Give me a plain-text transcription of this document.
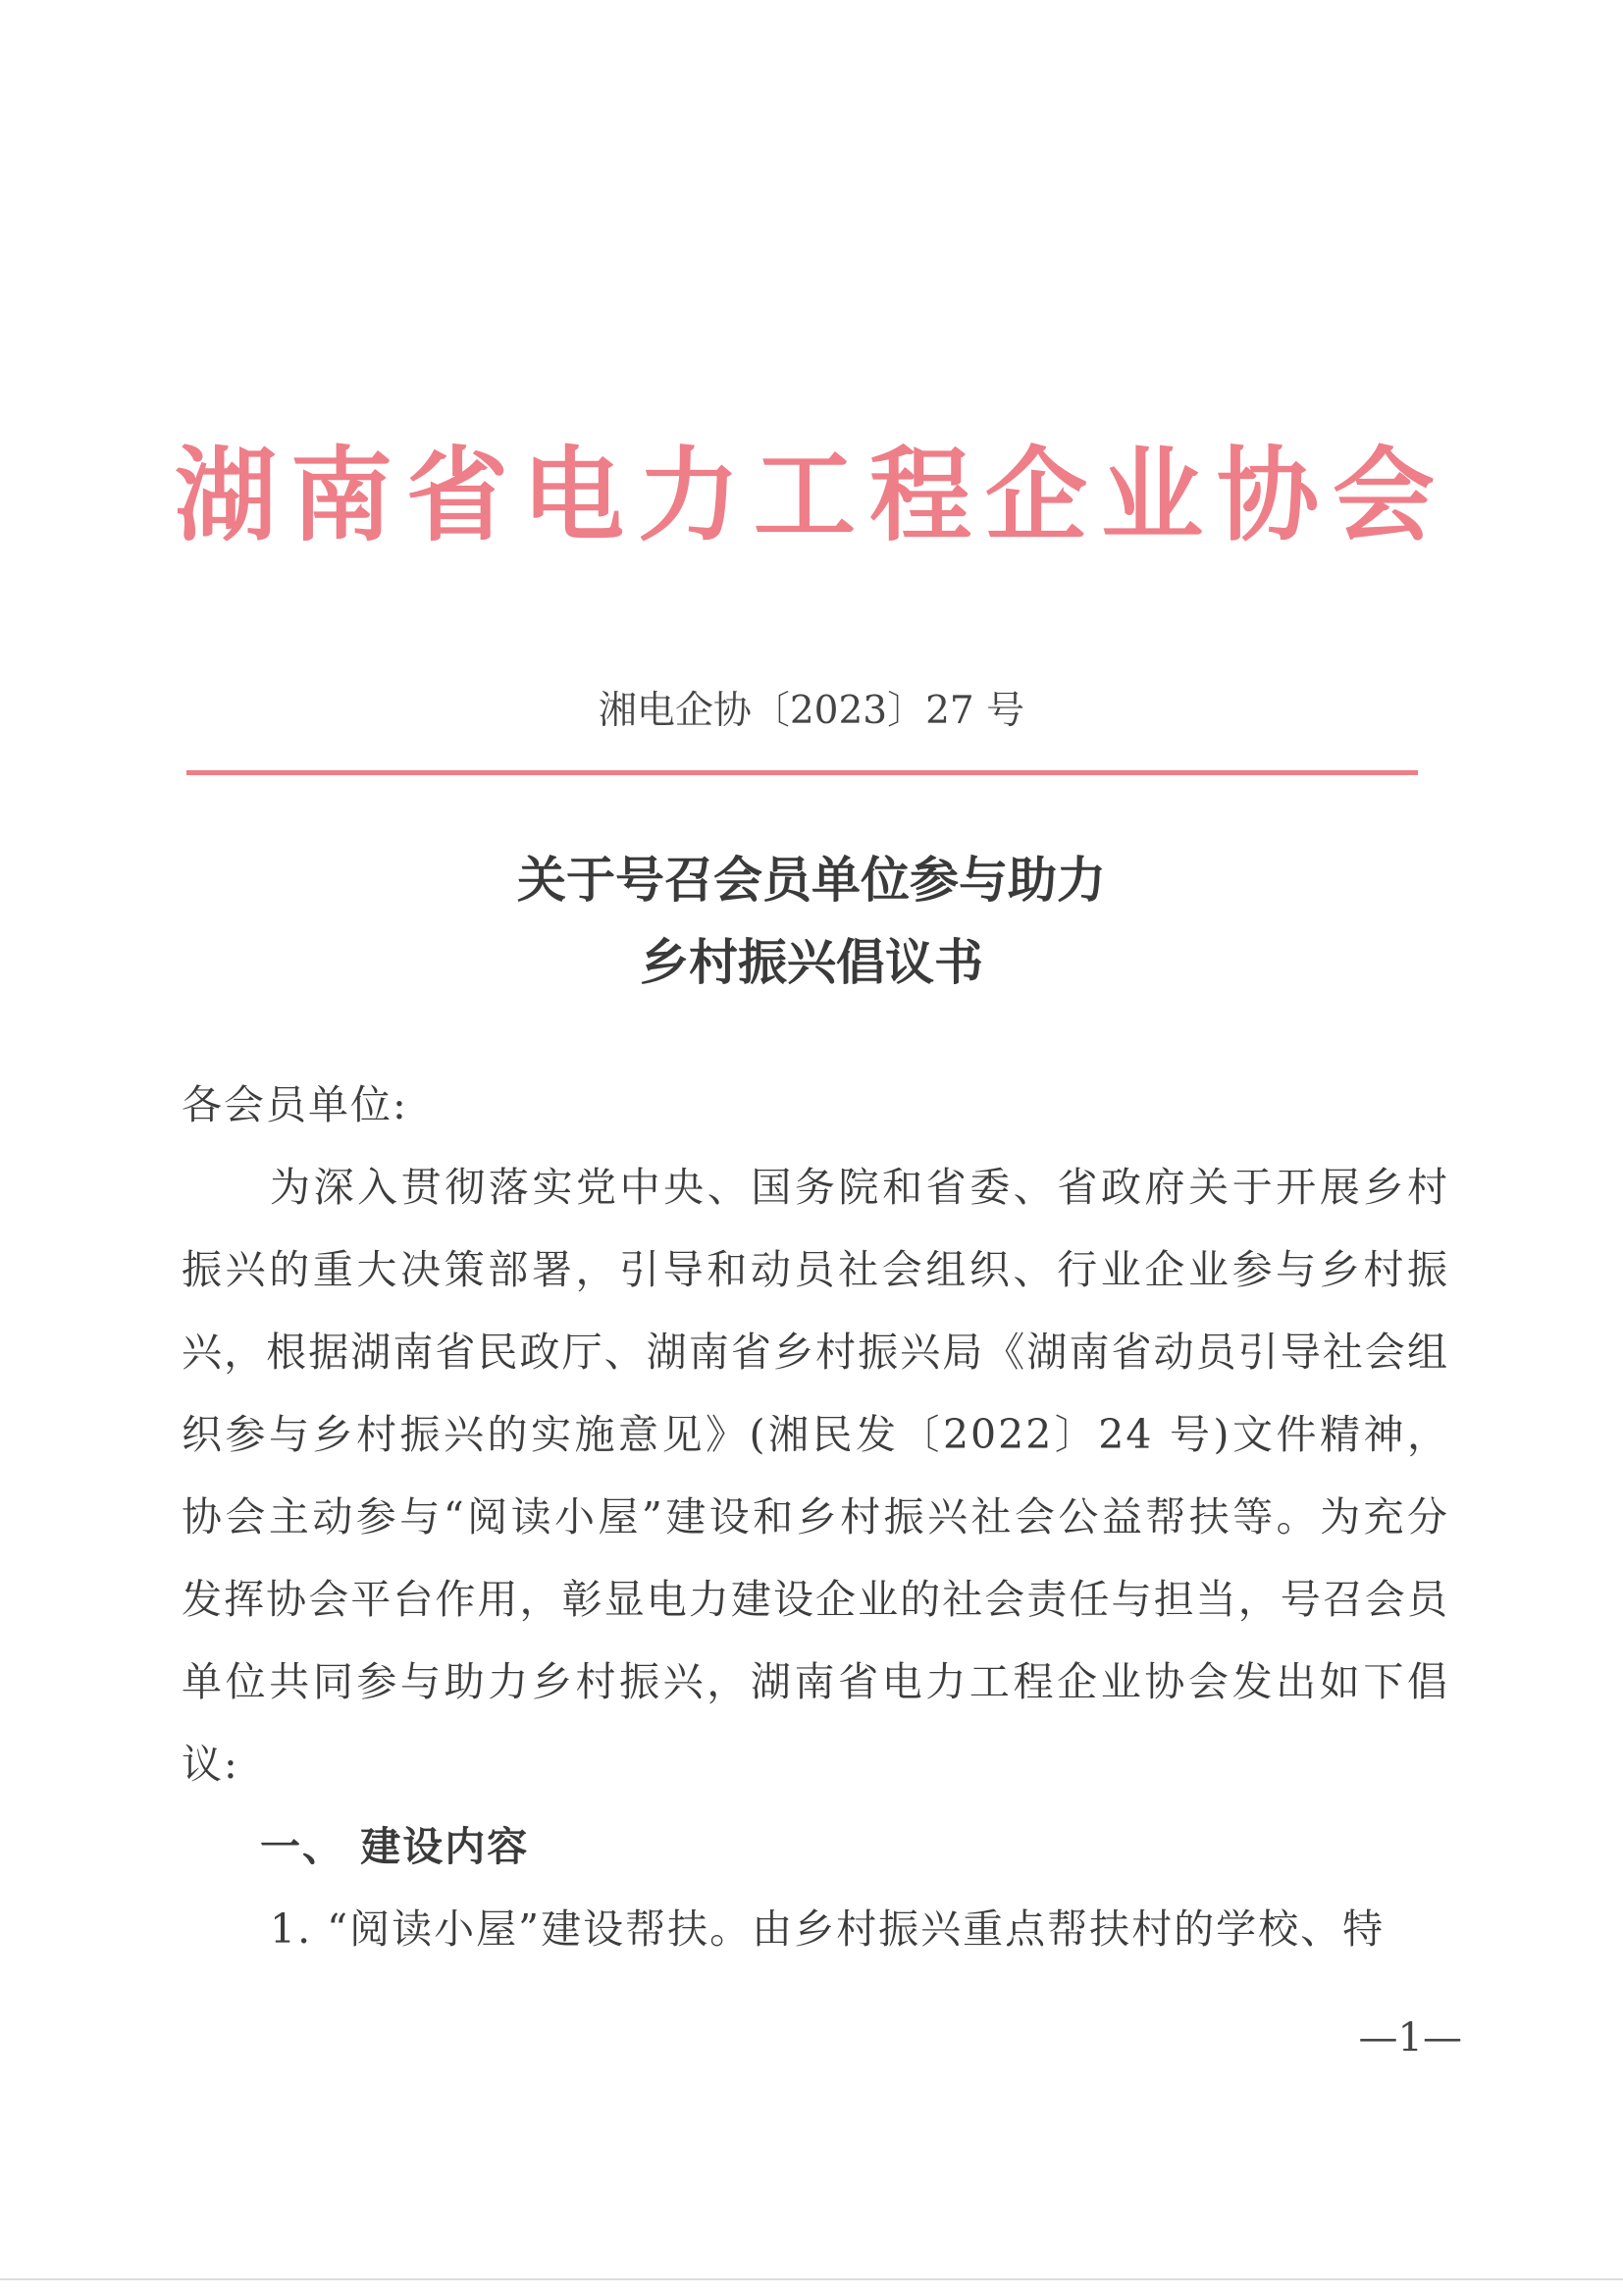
湖南省电力工程企业协会
湘电企协〔2023〕27 号
关于号召会员单位参与助力
乡村振兴倡议书

各会员单位:

为深入贯彻落实党中央、国务院和省委、省政府关于开展乡村振兴的重大决策部署，引导和动员社会组织、行业企业参与乡村振兴，根据湖南省民政厅、湖南省乡村振兴局《湖南省动员引导社会组织参与乡村振兴的实施意见》(湘民发〔2022〕24 号)文件精神，协会主动参与“阅读小屋”建设和乡村振兴社会公益帮扶等。为充分发挥协会平台作用，彰显电力建设企业的社会责任与担当，号召会员单位共同参与助力乡村振兴，湖南省电力工程企业协会发出如下倡议:

一、 建设内容

1. “阅读小屋”建设帮扶。由乡村振兴重点帮扶村的学校、特

—1—
